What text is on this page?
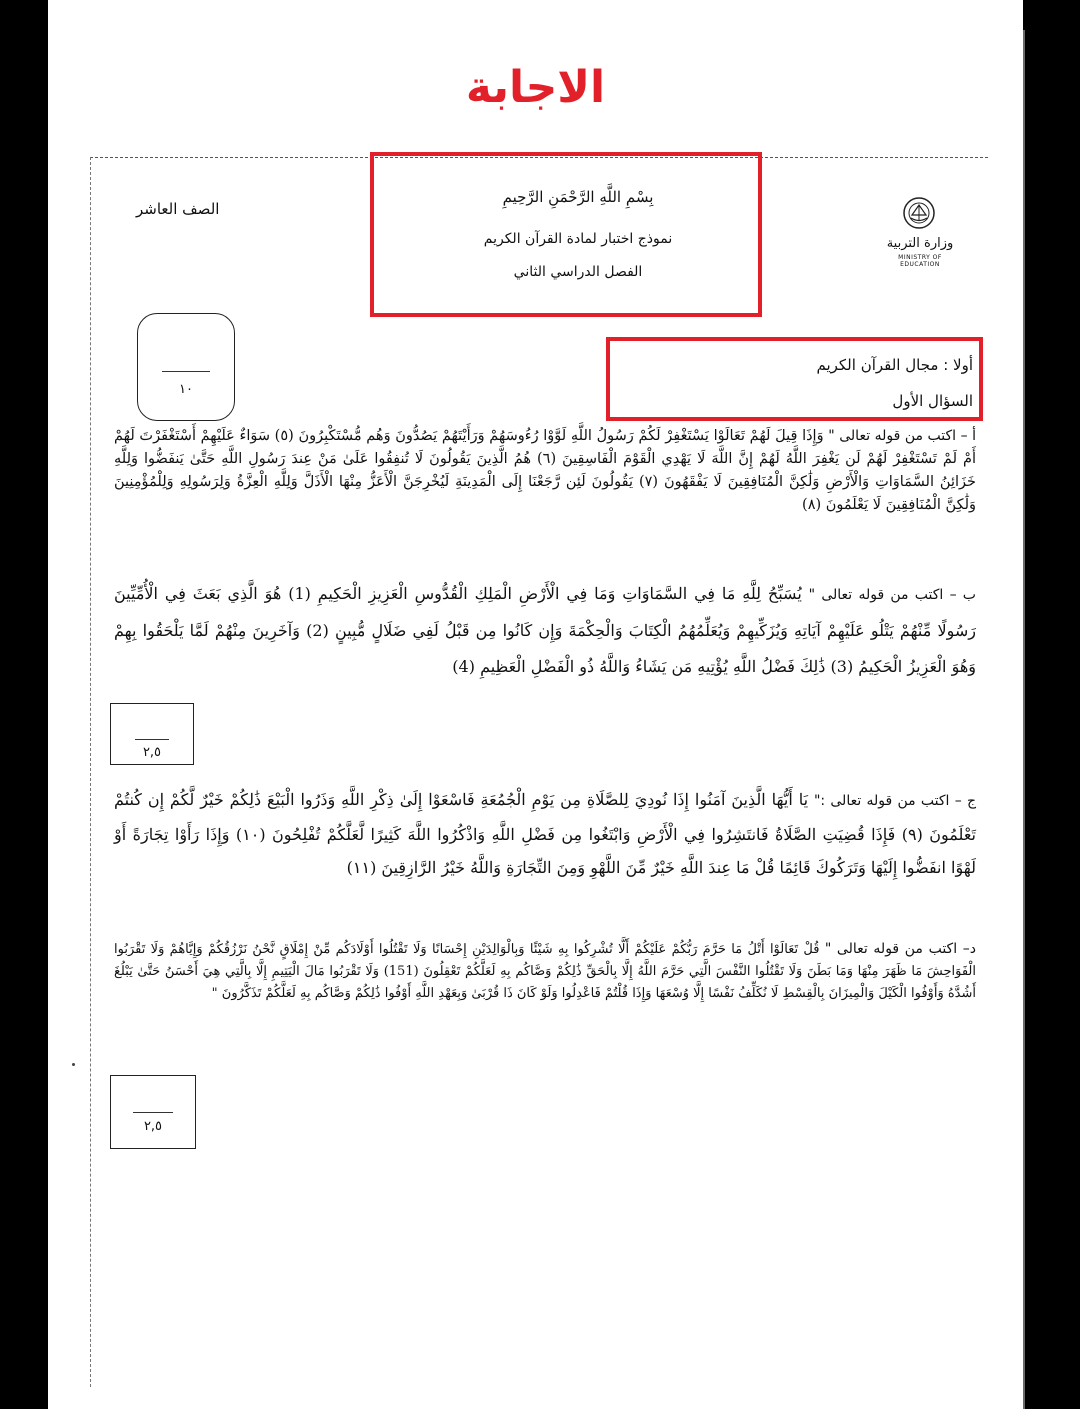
الاجابة
بِسْمِ اللَّهِ الرَّحْمَنِ الرَّحِيمِ
نموذج اختبار لمادة القرآن الكريم
الفصل الدراسي الثاني
الصف العاشر
وزارة التربية
MINISTRY OF EDUCATION
١٠
أولا : مجال القرآن الكريم
السؤال الأول
أ – اكتب من قوله تعالى " وَإِذَا قِيلَ لَهُمْ تَعَالَوْا يَسْتَغْفِرْ لَكُمْ رَسُولُ اللَّهِ لَوَّوْا رُءُوسَهُمْ وَرَأَيْتَهُمْ يَصُدُّونَ وَهُم مُّسْتَكْبِرُونَ (٥) سَوَاءٌ عَلَيْهِمْ أَسْتَغْفَرْتَ لَهُمْ أَمْ لَمْ تَسْتَغْفِرْ لَهُمْ لَن يَغْفِرَ اللَّهُ لَهُمْ إِنَّ اللَّهَ لَا يَهْدِي الْقَوْمَ الْفَاسِقِينَ (٦) هُمُ الَّذِينَ يَقُولُونَ لَا تُنفِقُوا عَلَىٰ مَنْ عِندَ رَسُولِ اللَّهِ حَتَّىٰ يَنفَضُّوا وَلِلَّهِ خَزَائِنُ السَّمَاوَاتِ وَالْأَرْضِ وَلَٰكِنَّ الْمُنَافِقِينَ لَا يَفْقَهُونَ (٧) يَقُولُونَ لَئِن رَّجَعْنَا إِلَى الْمَدِينَةِ لَيُخْرِجَنَّ الْأَعَزُّ مِنْهَا الْأَذَلَّ وَلِلَّهِ الْعِزَّةُ وَلِرَسُولِهِ وَلِلْمُؤْمِنِينَ وَلَٰكِنَّ الْمُنَافِقِينَ لَا يَعْلَمُونَ (٨)
ب – اكتب من قوله تعالى " يُسَبِّحُ لِلَّهِ مَا فِي السَّمَاوَاتِ وَمَا فِي الْأَرْضِ الْمَلِكِ الْقُدُّوسِ الْعَزِيزِ الْحَكِيمِ (1) هُوَ الَّذِي بَعَثَ فِي الْأُمِّيِّينَ رَسُولًا مِّنْهُمْ يَتْلُو عَلَيْهِمْ آيَاتِهِ وَيُزَكِّيهِمْ وَيُعَلِّمُهُمُ الْكِتَابَ وَالْحِكْمَةَ وَإِن كَانُوا مِن قَبْلُ لَفِي ضَلَالٍ مُّبِينٍ (2) وَآخَرِينَ مِنْهُمْ لَمَّا يَلْحَقُوا بِهِمْ وَهُوَ الْعَزِيزُ الْحَكِيمُ (3) ذَٰلِكَ فَضْلُ اللَّهِ يُؤْتِيهِ مَن يَشَاءُ وَاللَّهُ ذُو الْفَضْلِ الْعَظِيمِ (4)
٢,٥
ج – اكتب من قوله تعالى :" يَا أَيُّهَا الَّذِينَ آمَنُوا إِذَا نُودِيَ لِلصَّلَاةِ مِن يَوْمِ الْجُمُعَةِ فَاسْعَوْا إِلَىٰ ذِكْرِ اللَّهِ وَذَرُوا الْبَيْعَ ذَٰلِكُمْ خَيْرٌ لَّكُمْ إِن كُنتُمْ تَعْلَمُونَ (٩) فَإِذَا قُضِيَتِ الصَّلَاةُ فَانتَشِرُوا فِي الْأَرْضِ وَابْتَغُوا مِن فَضْلِ اللَّهِ وَاذْكُرُوا اللَّهَ كَثِيرًا لَّعَلَّكُمْ تُفْلِحُونَ (١٠) وَإِذَا رَأَوْا تِجَارَةً أَوْ لَهْوًا انفَضُّوا إِلَيْهَا وَتَرَكُوكَ قَائِمًا قُلْ مَا عِندَ اللَّهِ خَيْرٌ مِّنَ اللَّهْوِ وَمِنَ التِّجَارَةِ وَاللَّهُ خَيْرُ الرَّازِقِينَ (١١)
د– اكتب من قوله تعالى " قُلْ تَعَالَوْا أَتْلُ مَا حَرَّمَ رَبُّكُمْ عَلَيْكُمْ أَلَّا تُشْرِكُوا بِهِ شَيْئًا وَبِالْوَالِدَيْنِ إِحْسَانًا وَلَا تَقْتُلُوا أَوْلَادَكُم مِّنْ إِمْلَاقٍ نَّحْنُ نَرْزُقُكُمْ وَإِيَّاهُمْ وَلَا تَقْرَبُوا الْفَوَاحِشَ مَا ظَهَرَ مِنْهَا وَمَا بَطَنَ وَلَا تَقْتُلُوا النَّفْسَ الَّتِي حَرَّمَ اللَّهُ إِلَّا بِالْحَقِّ ذَٰلِكُمْ وَصَّاكُم بِهِ لَعَلَّكُمْ تَعْقِلُونَ (151) وَلَا تَقْرَبُوا مَالَ الْيَتِيمِ إِلَّا بِالَّتِي هِيَ أَحْسَنُ حَتَّىٰ يَبْلُغَ أَشُدَّهُ وَأَوْفُوا الْكَيْلَ وَالْمِيزَانَ بِالْقِسْطِ لَا نُكَلِّفُ نَفْسًا إِلَّا وُسْعَهَا وَإِذَا قُلْتُمْ فَاعْدِلُوا وَلَوْ كَانَ ذَا قُرْبَىٰ وَبِعَهْدِ اللَّهِ أَوْفُوا ذَٰلِكُمْ وَصَّاكُم بِهِ لَعَلَّكُمْ تَذَكَّرُونَ "
٢,٥
